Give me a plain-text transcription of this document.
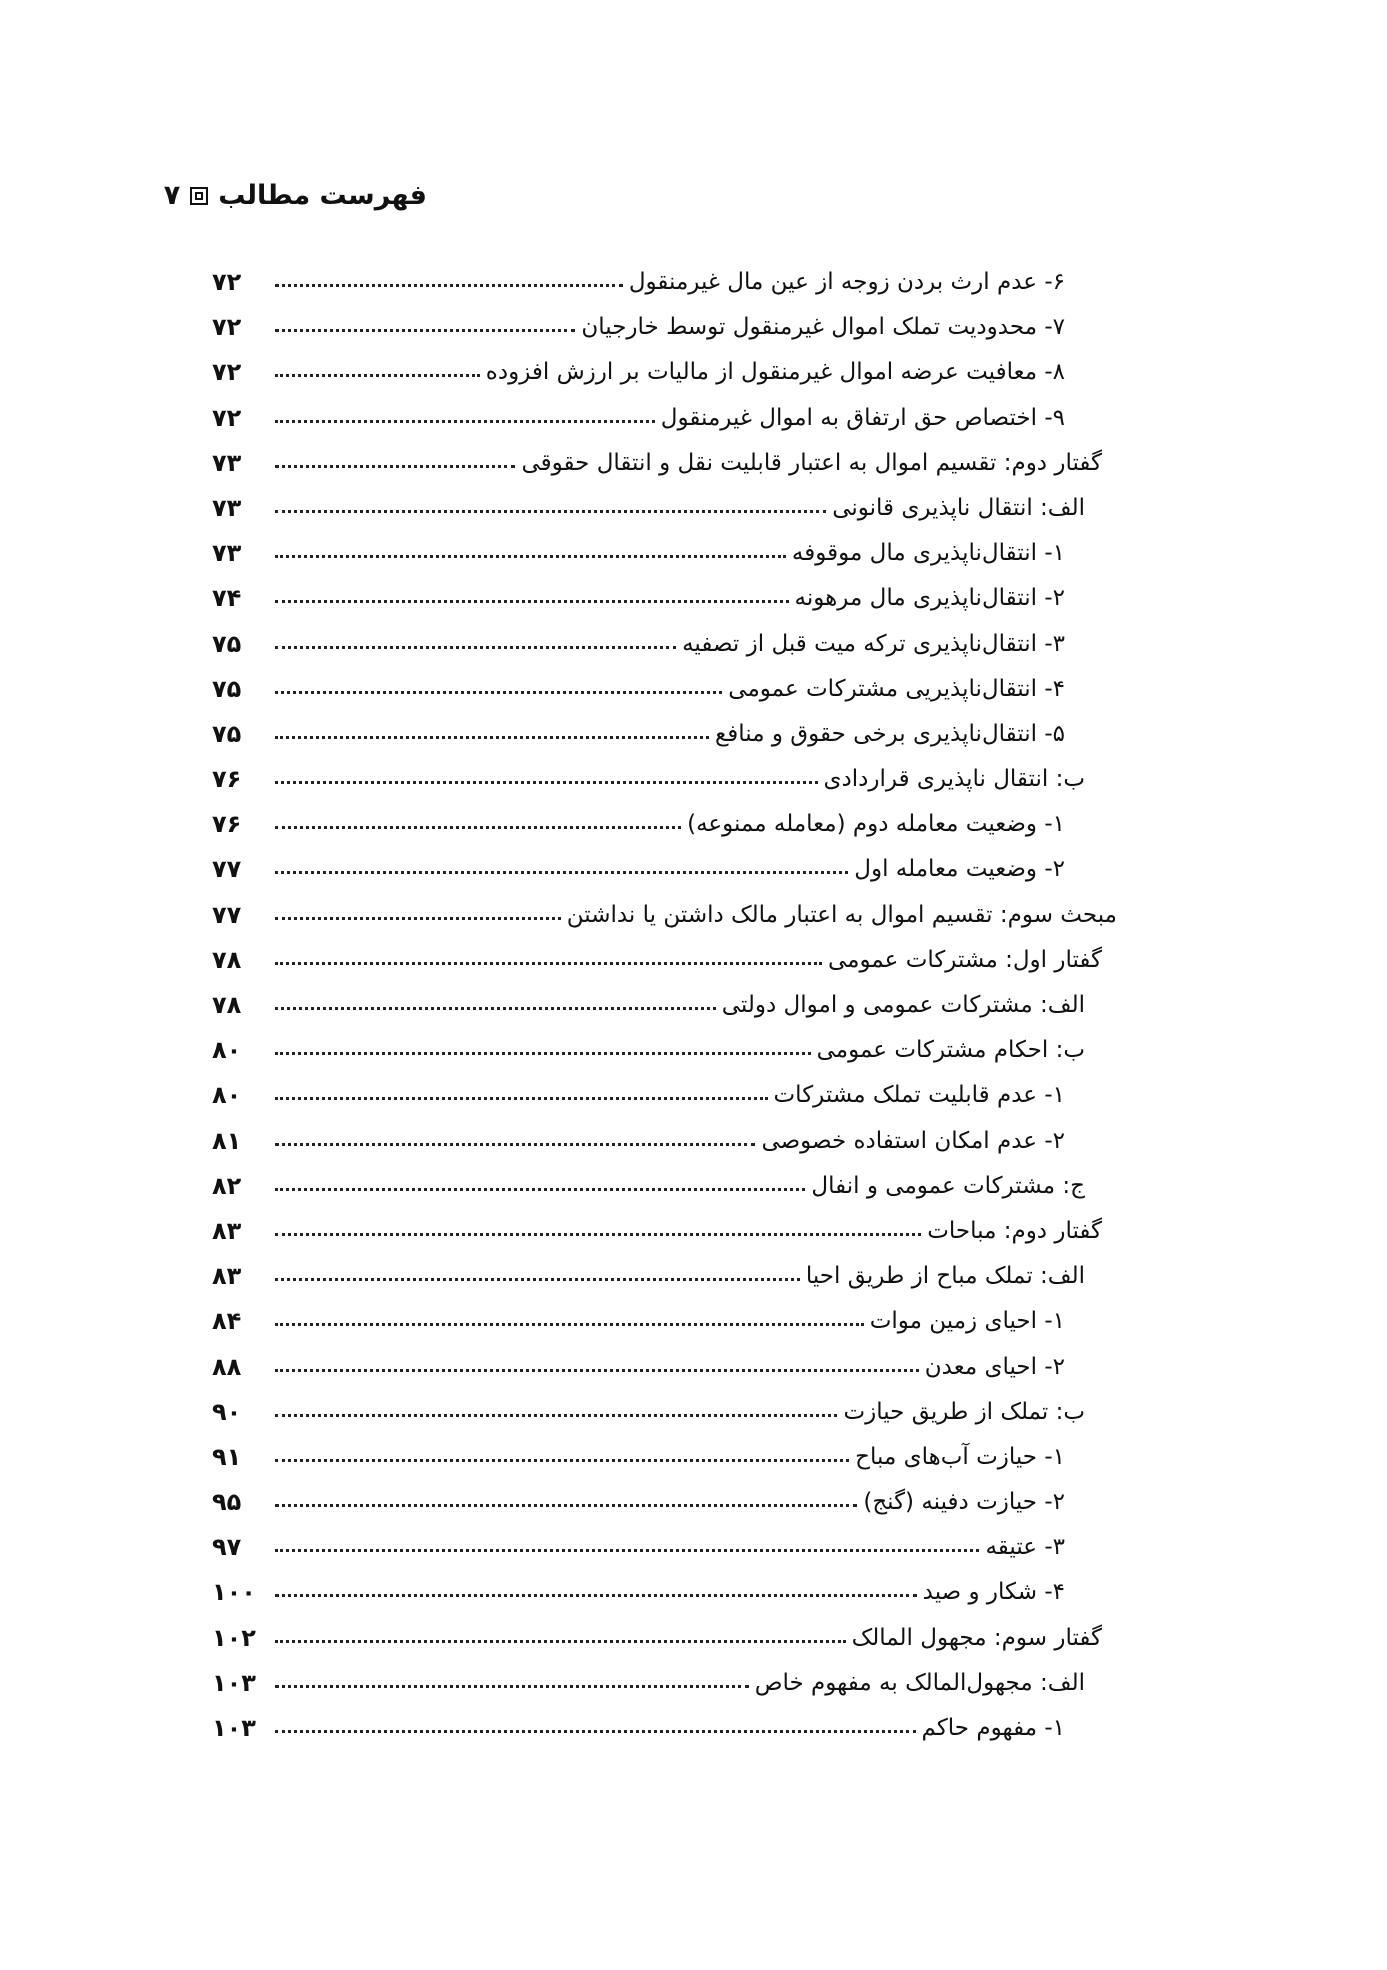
فهرست مطالب
۷
۶- عدم ارث بردن زوجه از عین مال غیرمنقول
۷۲
۷- محدودیت تملک اموال غیرمنقول توسط خارجیان
۷۲
۸- معافیت عرضه اموال غیرمنقول از مالیات بر ارزش افزوده
۷۲
۹- اختصاص حق ارتفاق به اموال غیرمنقول
۷۲
گفتار دوم: تقسیم اموال به اعتبار قابلیت نقل و انتقال حقوقی
۷۳
الف: انتقال ناپذیری قانونی
۷۳
۱- انتقال‌ناپذیری مال موقوفه
۷۳
۲- انتقال‌ناپذیری مال مرهونه
۷۴
۳- انتقال‌ناپذیری ترکه میت قبل از تصفیه
۷۵
۴- انتقال‌ناپذیریی مشترکات عمومی
۷۵
۵- انتقال‌ناپذیری برخی حقوق و منافع
۷۵
ب: انتقال ناپذیری قراردادی
۷۶
۱- وضعیت معامله دوم (معامله ممنوعه)
۷۶
۲- وضعیت معامله اول
۷۷
مبحث سوم: تقسیم اموال به اعتبار مالک داشتن یا نداشتن
۷۷
گفتار اول: مشترکات عمومی
۷۸
الف: مشترکات عمومی و اموال دولتی
۷۸
ب: احکام مشترکات عمومی
۸۰
۱- عدم قابلیت تملک مشترکات
۸۰
۲- عدم امکان استفاده خصوصی
۸۱
ج: مشترکات عمومی و انفال
۸۲
گفتار دوم: مباحات
۸۳
الف: تملک مباح از طریق احیا
۸۳
۱- احیای زمین موات
۸۴
۲- احیای معدن
۸۸
ب: تملک از طریق حیازت
۹۰
۱- حیازت آب‌های مباح
۹۱
۲- حیازت دفینه (گنج)
۹۵
۳- عتیقه
۹۷
۴- شکار و صید
۱۰۰
گفتار سوم: مجهول المالک
۱۰۲
الف: مجهول‌المالک به مفهوم خاص
۱۰۳
۱- مفهوم حاکم
۱۰۳
